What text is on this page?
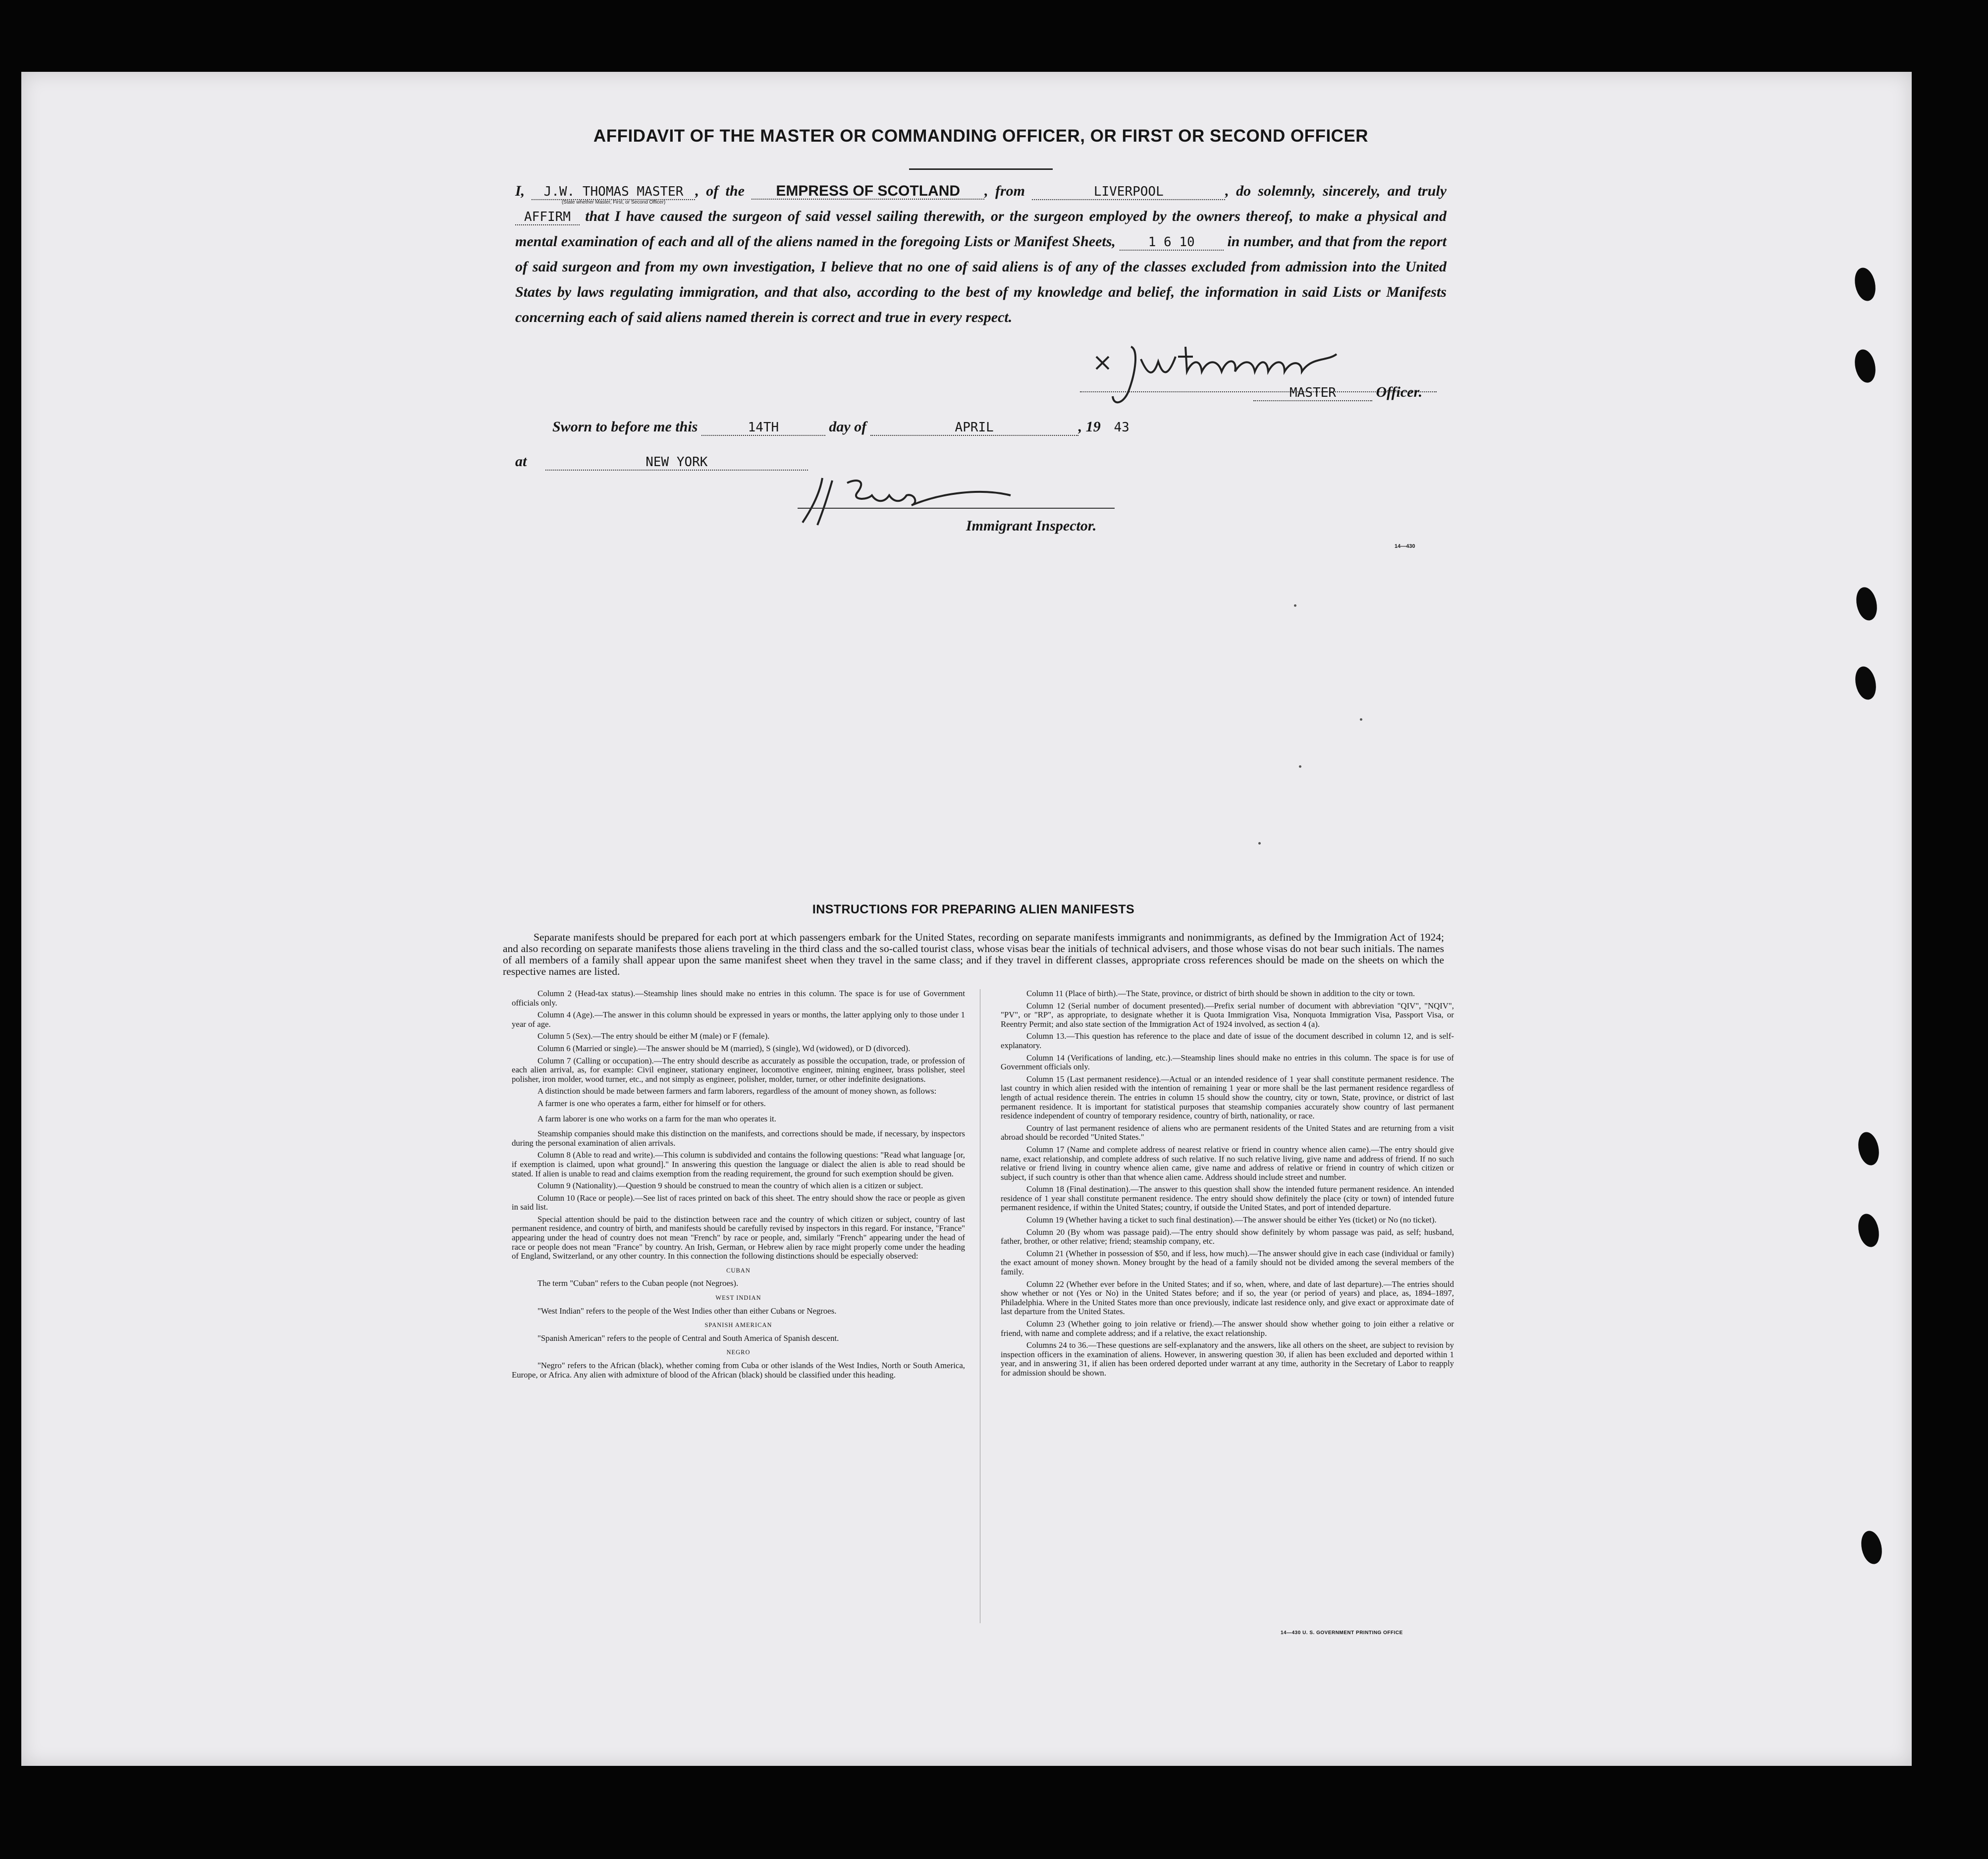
AFFIDAVIT OF THE MASTER OR COMMANDING OFFICER, OR FIRST OR SECOND OFFICER
I, J.W. THOMAS MASTER
(State whether Master, First, or Second Officer)
, of the EMPRESS OF SCOTLAND , from	LIVERPOOL	, do solemnly, sincerely, and truly AFFIRM that I have caused the surgeon of said vessel sailing therewith, or the surgeon employed by the owners thereof, to make a physical and mental examination of each and all of the aliens named in the foregoing Lists or Manifest Sheets,	1 6 10 in number, and that from the report of said surgeon and from my own investigation, I believe that no one of said aliens is of any of the classes excluded from admission into the United States by laws regulating immigration, and that also, according to the best of my knowledge and belief, the information in said Lists or Manifests concerning each of said aliens named therein is correct and true in every respect.
J.W. Thomas
MASTER	Officer.
Sworn to before me this	14TH	day of	APRIL	, 19 43
at	NEW YORK
Immigrant Inspector.
14—430
INSTRUCTIONS FOR PREPARING ALIEN MANIFESTS

Separate manifests should be prepared for each port at which passengers embark for the United States, recording on separate manifests immigrants and nonimmigrants, as defined by the Immigration Act of 1924; and also recording on separate manifests those aliens traveling in the third class and the so-called tourist class, whose visas bear the initials of technical advisers, and those whose visas do not bear such initials. The names of all members of a family shall appear upon the same manifest sheet when they travel in the same class; and if they travel in different classes, appropriate cross references should be made on the sheets on which the respective names are listed.

Column 2 (Head-tax status).—Steamship lines should make no entries in this column. The space is for use of Government officials only.

Column 4 (Age).—The answer in this column should be expressed in years or months, the latter applying only to those under 1 year of age.

Column 5 (Sex).—The entry should be either M (male) or F (female).

Column 6 (Married or single).—The answer should be M (married), S (single), Wd (widowed), or D (divorced).

Column 7 (Calling or occupation).—The entry should describe as accurately as possible the occupation, trade, or profession of each alien arrival, as, for example: Civil engineer, stationary engineer, locomotive engineer, mining engineer, brass polisher, steel polisher, iron molder, wood turner, etc., and not simply as engineer, polisher, molder, turner, or other indefinite designations.

A distinction should be made between farmers and farm laborers, regardless of the amount of money shown, as follows:

A farmer is one who operates a farm, either for himself or for others.

A farm laborer is one who works on a farm for the man who operates it.

Steamship companies should make this distinction on the manifests, and corrections should be made, if necessary, by inspectors during the personal examination of alien arrivals.

Column 8 (Able to read and write).—This column is subdivided and contains the following questions: "Read what language [or, if exemption is claimed, upon what ground]." In answering this question the language or dialect the alien is able to read should be stated. If alien is unable to read and claims exemption from the reading requirement, the ground for such exemption should be given.

Column 9 (Nationality).—Question 9 should be construed to mean the country of which alien is a citizen or subject.

Column 10 (Race or people).—See list of races printed on back of this sheet. The entry should show the race or people as given in said list.

Special attention should be paid to the distinction between race and the country of which citizen or subject, country of last permanent residence, and country of birth, and manifests should be carefully revised by inspectors in this regard. For instance, "France" appearing under the head of country does not mean "French" by race or people, and, similarly "French" appearing under the head of race or people does not mean "France" by country. An Irish, German, or Hebrew alien by race might properly come under the heading of England, Switzerland, or any other country. In this connection the following distinctions should be especially observed:

CUBAN

The term "Cuban" refers to the Cuban people (not Negroes).

WEST INDIAN

"West Indian" refers to the people of the West Indies other than either Cubans or Negroes.

SPANISH AMERICAN

"Spanish American" refers to the people of Central and South America of Spanish descent.

NEGRO

"Negro" refers to the African (black), whether coming from Cuba or other islands of the West Indies, North or South America, Europe, or Africa. Any alien with admixture of blood of the African (black) should be classified under this heading.

Column 11 (Place of birth).—The State, province, or district of birth should be shown in addition to the city or town.

Column 12 (Serial number of document presented).—Prefix serial number of document with abbreviation "QIV", "NQIV", "PV", or "RP", as appropriate, to designate whether it is Quota Immigration Visa, Nonquota Immigration Visa, Passport Visa, or Reentry Permit; and also state section of the Immigration Act of 1924 involved, as section 4 (a).

Column 13.—This question has reference to the place and date of issue of the document described in column 12, and is self-explanatory.

Column 14 (Verifications of landing, etc.).—Steamship lines should make no entries in this column. The space is for use of Government officials only.

Column 15 (Last permanent residence).—Actual or an intended residence of 1 year shall constitute permanent residence. The last country in which alien resided with the intention of remaining 1 year or more shall be the last permanent residence regardless of length of actual residence therein. The entries in column 15 should show the country, city or town, State, province, or district of last permanent residence. It is important for statistical purposes that steamship companies accurately show country of last permanent residence independent of country of temporary residence, country of birth, nationality, or race.

Country of last permanent residence of aliens who are permanent residents of the United States and are returning from a visit abroad should be recorded "United States."

Column 17 (Name and complete address of nearest relative or friend in country whence alien came).—The entry should give name, exact relationship, and complete address of such relative. If no such relative living, give name and address of friend. If no such relative or friend living in country whence alien came, give name and address of relative or friend in country of which citizen or subject, if such country is other than that whence alien came. Address should include street and number.

Column 18 (Final destination).—The answer to this question shall show the intended future permanent residence. An intended residence of 1 year shall constitute permanent residence. The entry should show definitely the place (city or town) of intended future permanent residence, if within the United States; country, if outside the United States, and port of intended departure.

Column 19 (Whether having a ticket to such final destination).—The answer should be either Yes (ticket) or No (no ticket).

Column 20 (By whom was passage paid).—The entry should show definitely by whom passage was paid, as self; husband, father, brother, or other relative; friend; steamship company, etc.

Column 21 (Whether in possession of $50, and if less, how much).—The answer should give in each case (individual or family) the exact amount of money shown. Money brought by the head of a family should not be divided among the several members of the family.

Column 22 (Whether ever before in the United States; and if so, when, where, and date of last departure).—The entries should show whether or not (Yes or No) in the United States before; and if so, the year (or period of years) and place, as, 1894–1897, Philadelphia. Where in the United States more than once previously, indicate last residence only, and give exact or approximate date of last departure from the United States.

Column 23 (Whether going to join relative or friend).—The answer should show whether going to join either a relative or friend, with name and complete address; and if a relative, the exact relationship.

Columns 24 to 36.—These questions are self-explanatory and the answers, like all others on the sheet, are subject to revision by inspection officers in the examination of aliens. However, in answering question 30, if alien has been excluded and deported within 1 year, and in answering 31, if alien has been ordered deported under warrant at any time, authority in the Secretary of Labor to reapply for admission should be shown.

14—430 U. S. GOVERNMENT PRINTING OFFICE
